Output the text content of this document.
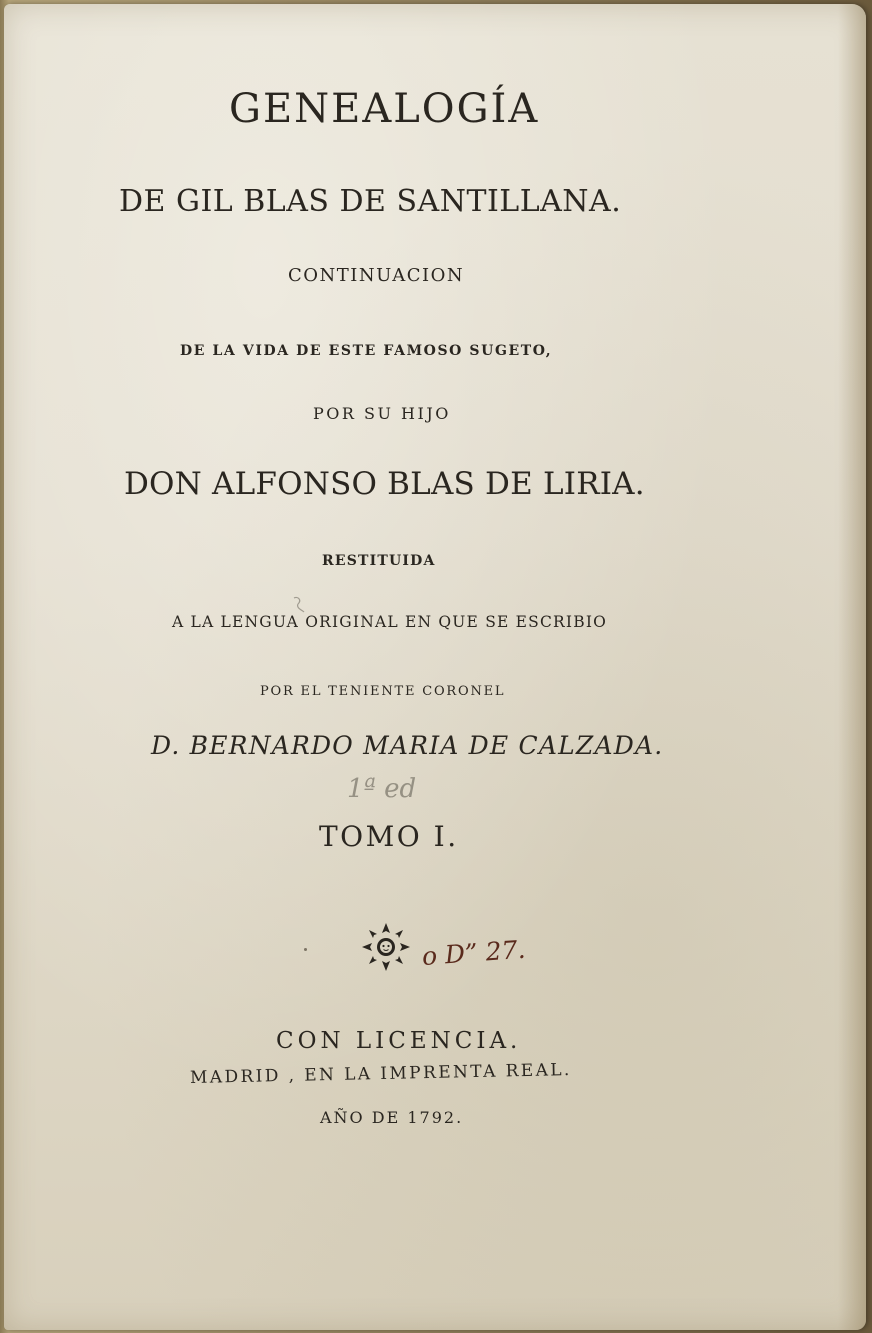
GENEALOGÍA

DE GIL BLAS DE SANTILLANA.

CONTINUACION

DE LA VIDA DE ESTE FAMOSO SUGETO,

POR SU HIJO

DON ALFONSO BLAS DE LIRIA.

RESTITUIDA

A LA LENGUA ORIGINAL EN QUE SE ESCRIBIO

POR EL TENIENTE CORONEL

D. BERNARDO MARIA DE CALZADA.

1ª ed

TOMO I.

o D” 27.

CON LICENCIA.

MADRID , EN LA IMPRENTA REAL.

AÑO DE 1792.
